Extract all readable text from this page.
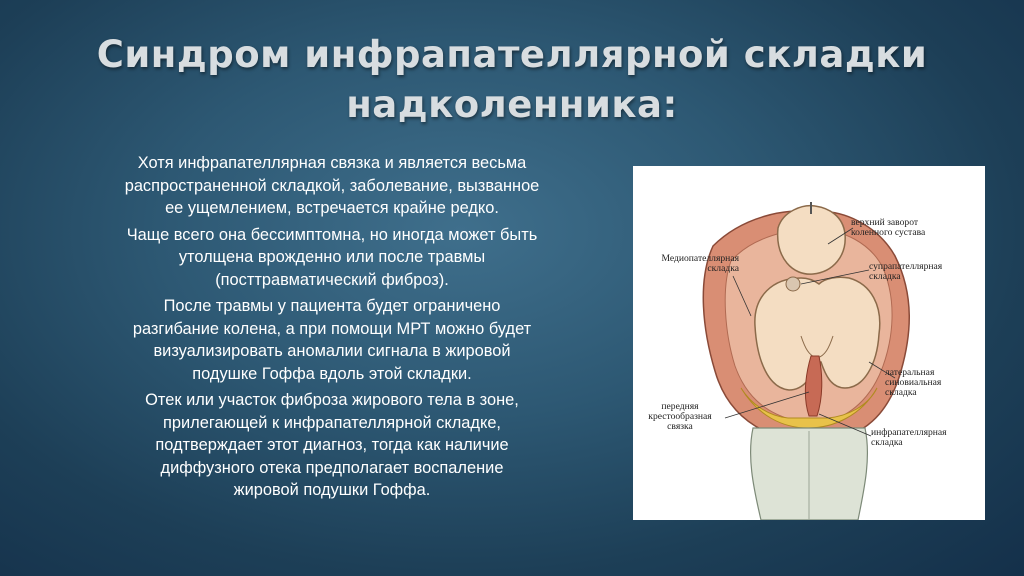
Синдром инфрапателлярной складки
надколенника:

Хотя инфрапателлярная связка и является весьма
распространенной складкой, заболевание, вызванное
ее ущемлением, встречается крайне редко.

Чаще всего она бессимптомна, но иногда может быть
утолщена врожденно или после травмы
(посттравматический фиброз).

После травмы у пациента будет ограничено
разгибание колена, а при помощи МРТ можно будет
визуализировать аномалии сигнала в жировой
подушке Гоффа вдоль этой складки.

Отек или участок фиброза жирового тела в зоне,
прилегающей к инфрапателлярной складке,
подтверждает этот диагноз, тогда как наличие
диффузного отека предполагает воспаление
жировой подушки Гоффа.

верхний заворот
коленного сустава
Медиопателлярная
складка	супрапателлярная
складка
латеральная
синовиальная
складка
передняя
крестообразная
связка
инфрапателлярная
складка
